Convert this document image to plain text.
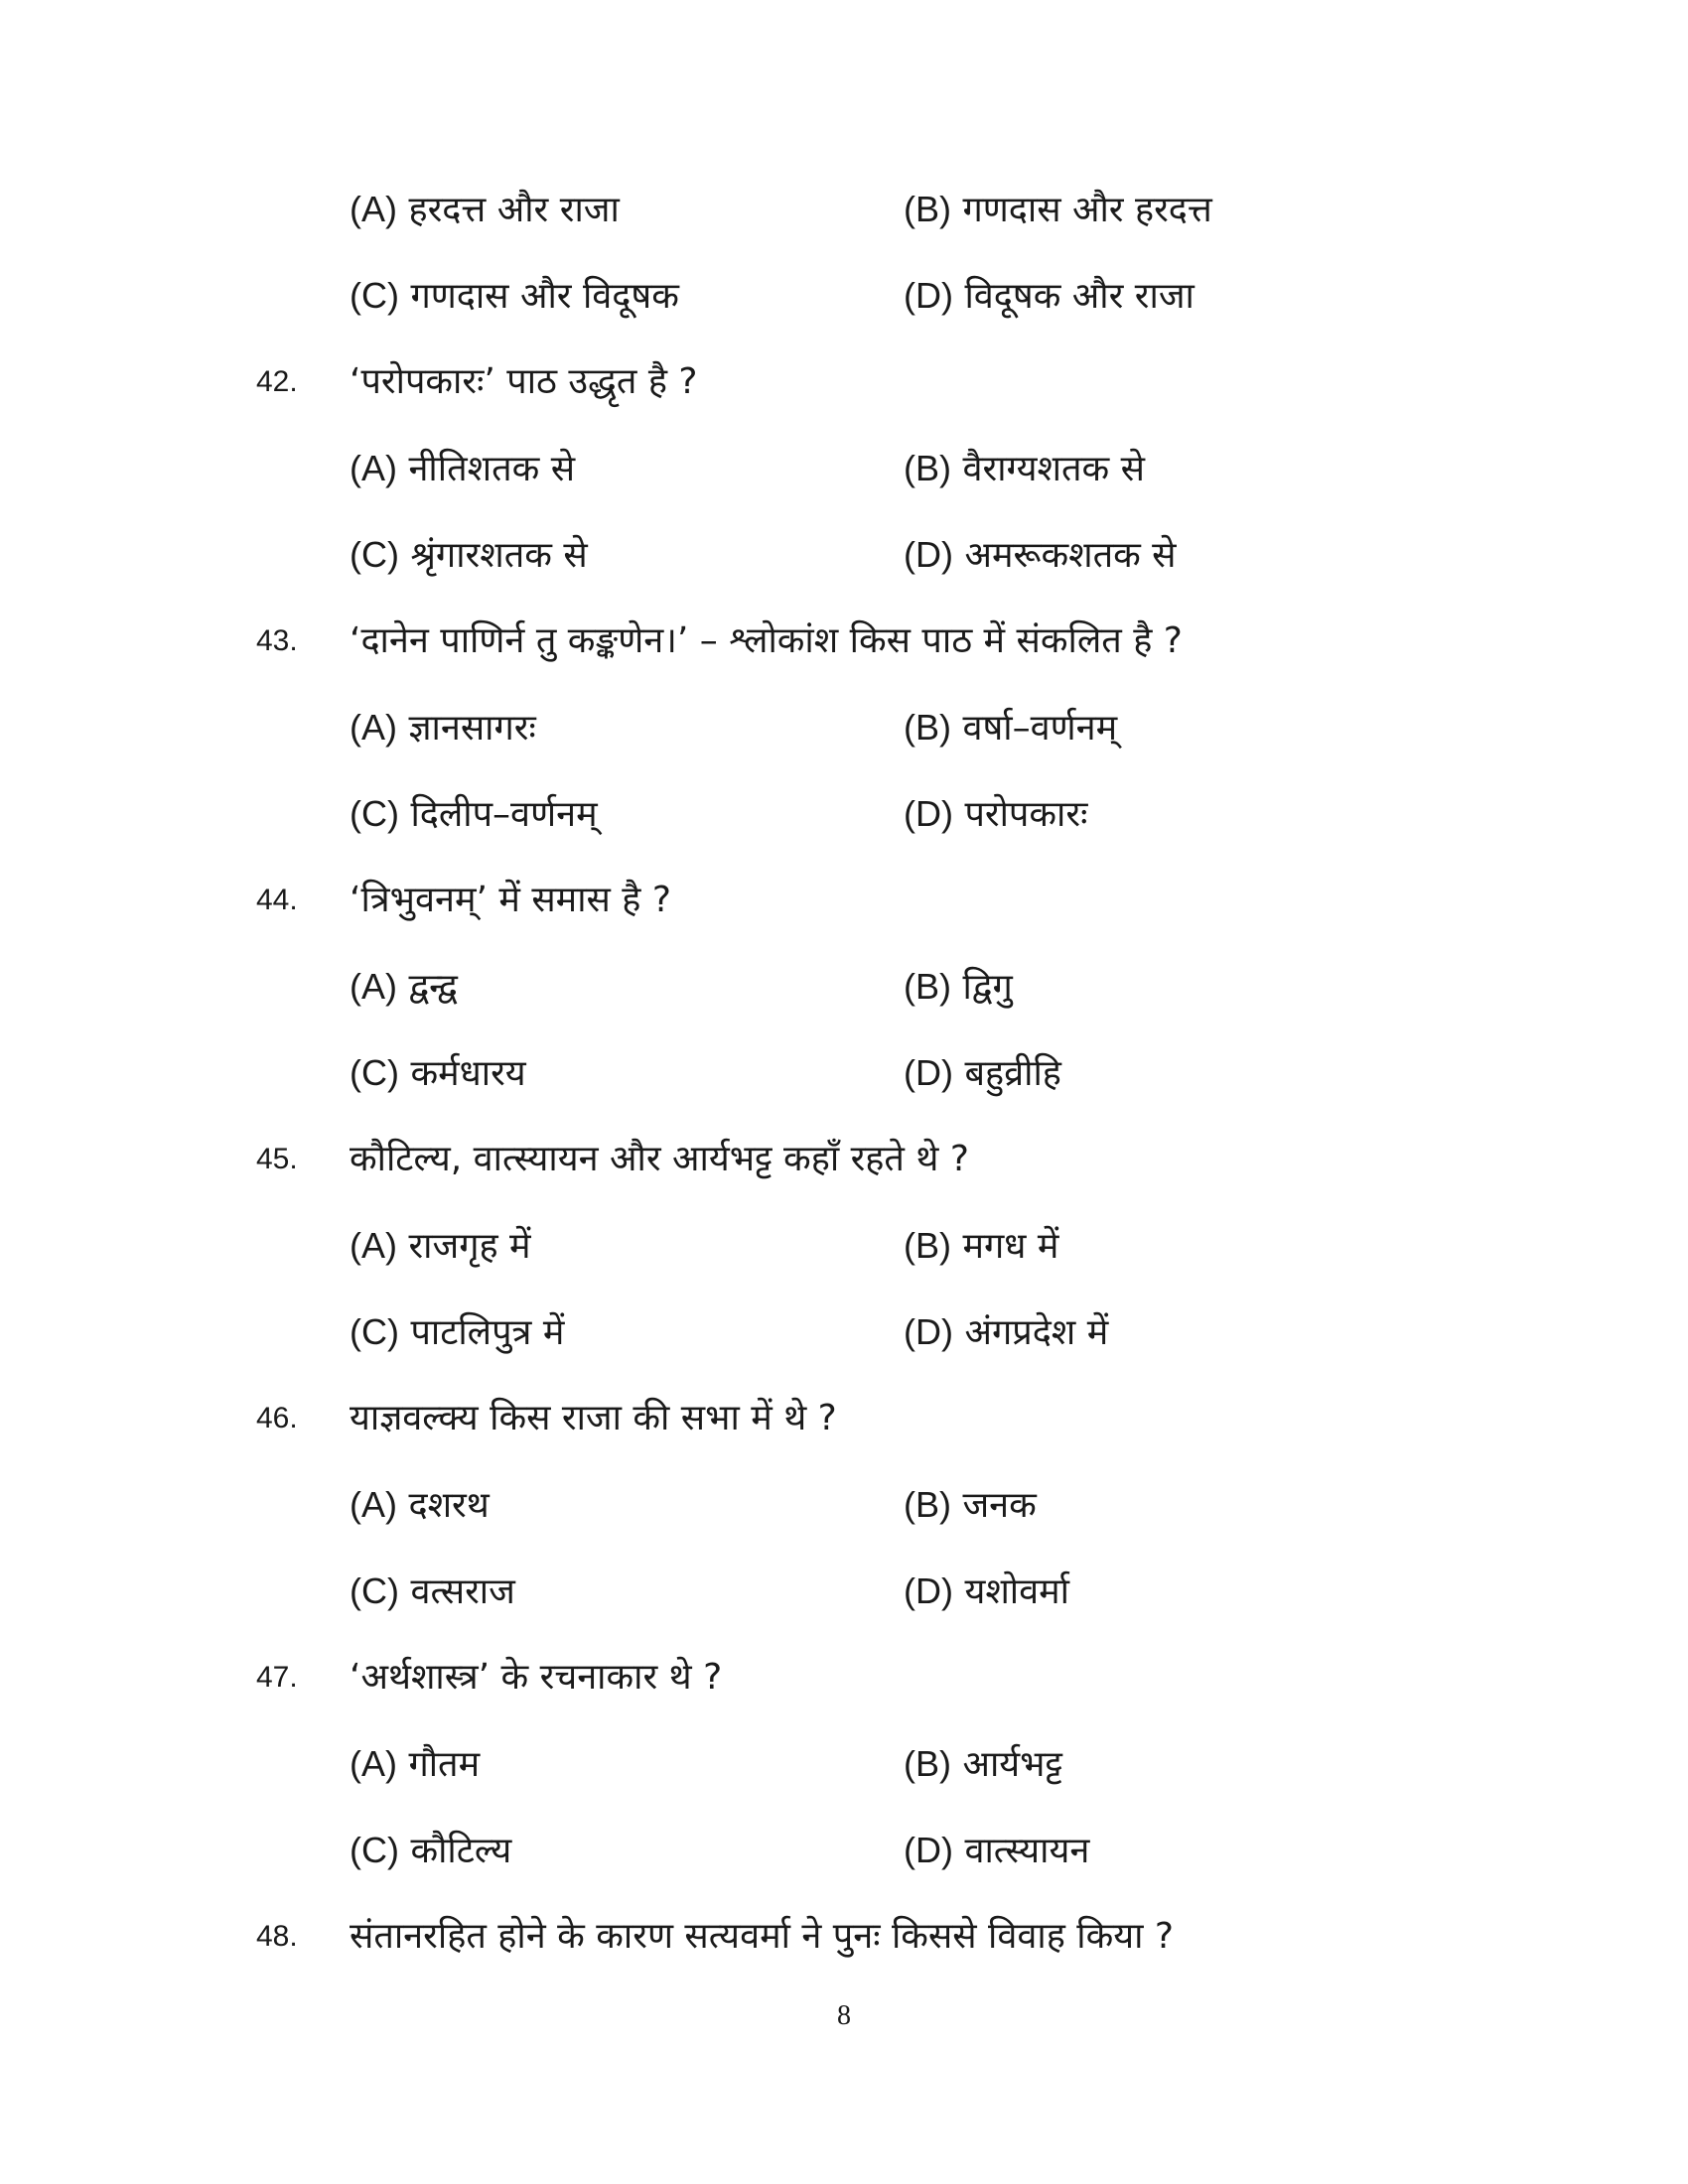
(A) हरदत्त और राजा	(B) गणदास और हरदत्त
(C) गणदास और विदूषक	(D) विदूषक और राजा
42. ‘परोपकारः’ पाठ उद्धृत है ?
(A) नीतिशतक से	(B) वैराग्यशतक से
(C) श्रृंगारशतक से	(D) अमरूकशतक से
43. ‘दानेन पाणिर्न तु कङ्कणेन।’ – श्लोकांश किस पाठ में संकलित है ?
(A) ज्ञानसागरः	(B) वर्षा–वर्णनम्
(C) दिलीप–वर्णनम्	(D) परोपकारः
44. ‘त्रिभुवनम्’ में समास है ?
(A) द्वन्द्व	(B) द्विगु
(C) कर्मधारय	(D) बहुव्रीहि
45. कौटिल्य, वात्स्यायन और आर्यभट्ट कहाँ रहते थे ?
(A) राजगृह में	(B) मगध में
(C) पाटलिपुत्र में	(D) अंगप्रदेश में
46. याज्ञवल्क्य किस राजा की सभा में थे ?
(A) दशरथ	(B) जनक
(C) वत्सराज	(D) यशोवर्मा
47. ‘अर्थशास्त्र’ के रचनाकार थे ?
(A) गौतम	(B) आर्यभट्ट
(C) कौटिल्य	(D) वात्स्यायन
48. संतानरहित होने के कारण सत्यवर्मा ने पुनः किससे विवाह किया ?
8
